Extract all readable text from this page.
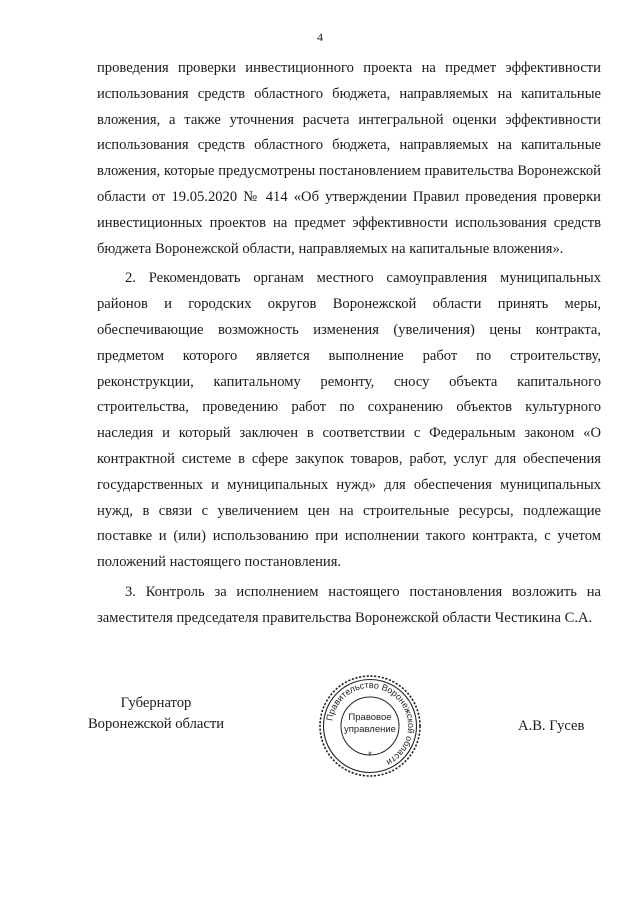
4

проведения проверки инвестиционного проекта на предмет эффективности использования средств областного бюджета, направляемых на капитальные вложения, а также уточнения расчета интегральной оценки эффективности использования средств областного бюджета, направляемых на капитальные вложения, которые предусмотрены постановлением правительства Воронежской области от 19.05.2020 № 414 «Об утверждении Правил проведения проверки инвестиционных проектов на предмет эффективности использования средств бюджета Воронежской области, направляемых на капитальные вложения».

2. Рекомендовать органам местного самоуправления муниципальных районов и городских округов Воронежской области принять меры, обеспечивающие возможность изменения (увеличения) цены контракта, предметом которого является выполнение работ по строительству, реконструкции, капитальному ремонту, сносу объекта капитального строительства, проведению работ по сохранению объектов культурного наследия и который заключен в соответствии с Федеральным законом «О контрактной системе в сфере закупок товаров, работ, услуг для обеспечения государственных и муниципальных нужд» для обеспечения муниципальных нужд, в связи с увеличением цен на строительные ресурсы, подлежащие поставке и (или) использованию при исполнении такого контракта, с учетом положений настоящего постановления.

3. Контроль за исполнением настоящего постановления возложить на заместителя председателя правительства Воронежской области Честикина С.А.

Губернатор
Воронежской области	Правительство Воронежской области
*
Правовое
управление	А.В. Гусев
